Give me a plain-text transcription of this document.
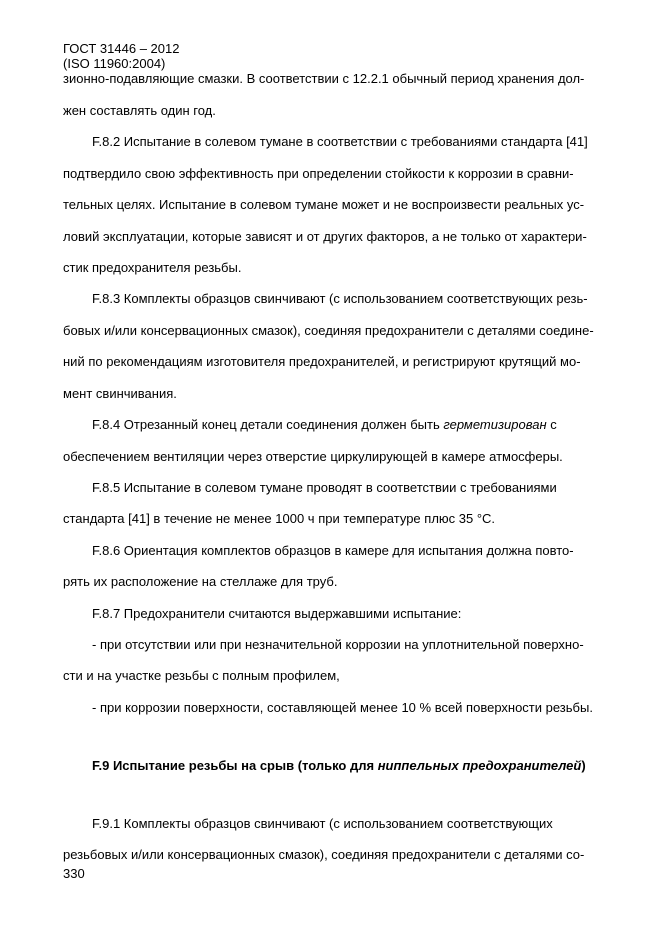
ГОСТ 31446 – 2012
(ISO 11960:2004)
зионно-подавляющие смазки. В соответствии с 12.2.1 обычный период хранения дол-
жен составлять один год.
F.8.2 Испытание в солевом тумане в соответствии с требованиями стандарта [41]
подтвердило свою эффективность при определении стойкости к коррозии в сравни-
тельных целях. Испытание в солевом тумане может и не воспроизвести реальных ус-
ловий эксплуатации, которые зависят и от других факторов, а не только от характери-
стик предохранителя резьбы.
F.8.3 Комплекты образцов свинчивают (с использованием соответствующих резь-
бовых и/или консервационных смазок), соединяя предохранители с деталями соедине-
ний по рекомендациям изготовителя предохранителей, и регистрируют крутящий мо-
мент свинчивания.
F.8.4 Отрезанный конец детали соединения должен быть герметизирован с
обеспечением вентиляции через отверстие циркулирующей в камере атмосферы.
F.8.5 Испытание в солевом тумане проводят в соответствии с требованиями
стандарта [41] в течение не менее 1000 ч при температуре плюс 35 °С.
F.8.6 Ориентация комплектов образцов в камере для испытания должна повто-
рять их расположение на стеллаже для труб.
F.8.7 Предохранители считаются выдержавшими испытание:
- при отсутствии или при незначительной коррозии на уплотнительной поверхно-
сти и на участке резьбы с полным профилем,
- при коррозии поверхности, составляющей менее 10 % всей поверхности резьбы.
F.9 Испытание резьбы на срыв (только для ниппельных предохранителей)
F.9.1 Комплекты образцов свинчивают (с использованием соответствующих
резьбовых и/или консервационных смазок), соединяя предохранители с деталями со-
330
